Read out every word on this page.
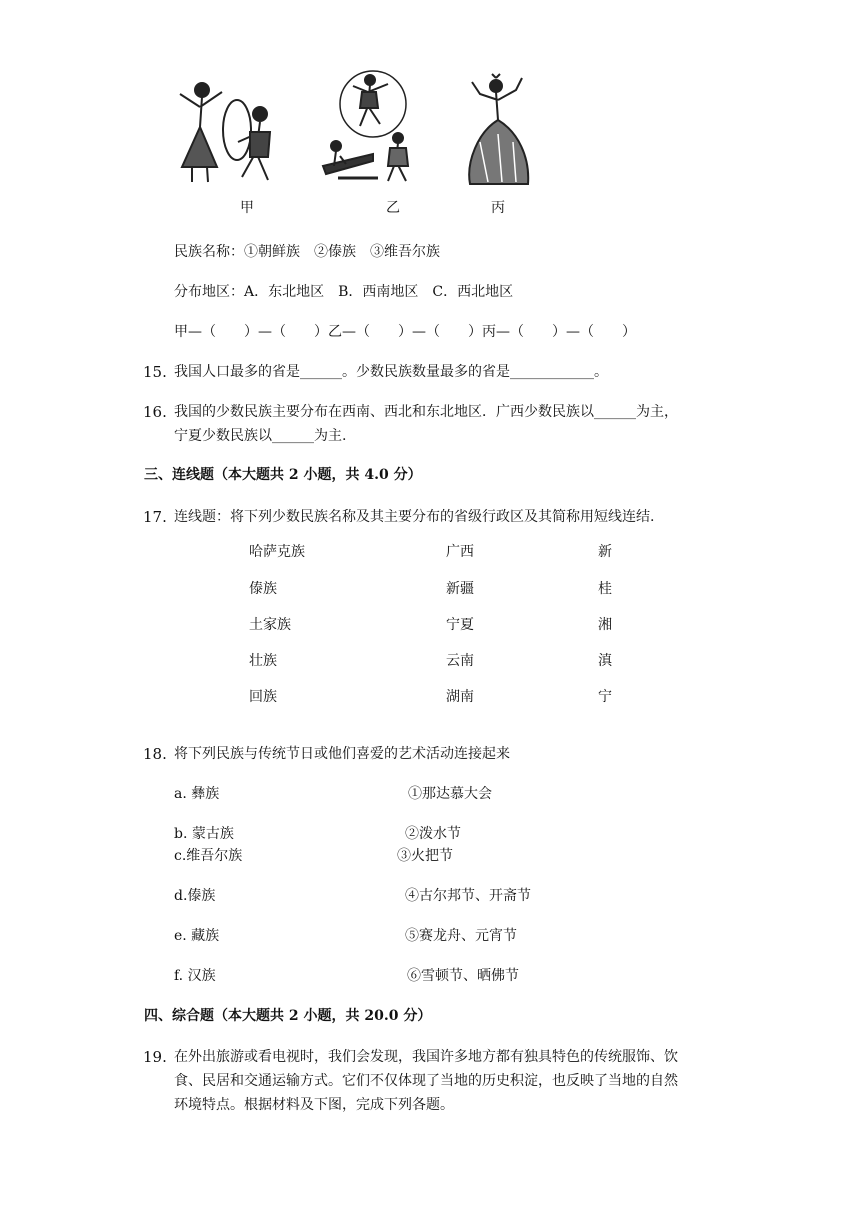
甲	乙	丙
民族名称：①朝鲜族　②傣族　③维吾尔族
分布地区：A．东北地区　B．西南地区　C．西北地区
甲—（　　）—（　　）乙—（　　）—（　　）丙—（　　）—（　　）
15. 我国人口最多的省是______。少数民族数量最多的省是____________。
16. 我国的少数民族主要分布在西南、西北和东北地区．广西少数民族以______为主，
宁夏少数民族以______为主.
三、连线题（本大题共 2 小题，共 4.0 分）
17. 连线题：将下列少数民族名称及其主要分布的省级行政区及其简称用短线连结.
哈萨克族
傣族
土家族
壮族
回族
广西
新疆
宁夏
云南
湖南
新
桂
湘
滇
宁
18. 将下列民族与传统节日或他们喜爱的艺术活动连接起来
a. 彝族
b. 蒙古族
c.维吾尔族
d.傣族
e. 藏族
f. 汉族
①那达慕大会
②泼水节
③火把节
④古尔邦节、开斋节
⑤赛龙舟、元宵节
⑥雪顿节、晒佛节
四、综合题（本大题共 2 小题，共 20.0 分）
19. 在外出旅游或看电视时，我们会发现，我国许多地方都有独具特色的传统服饰、饮
食、民居和交通运输方式。它们不仅体现了当地的历史积淀，也反映了当地的自然
环境特点。根据材料及下图，完成下列各题。
